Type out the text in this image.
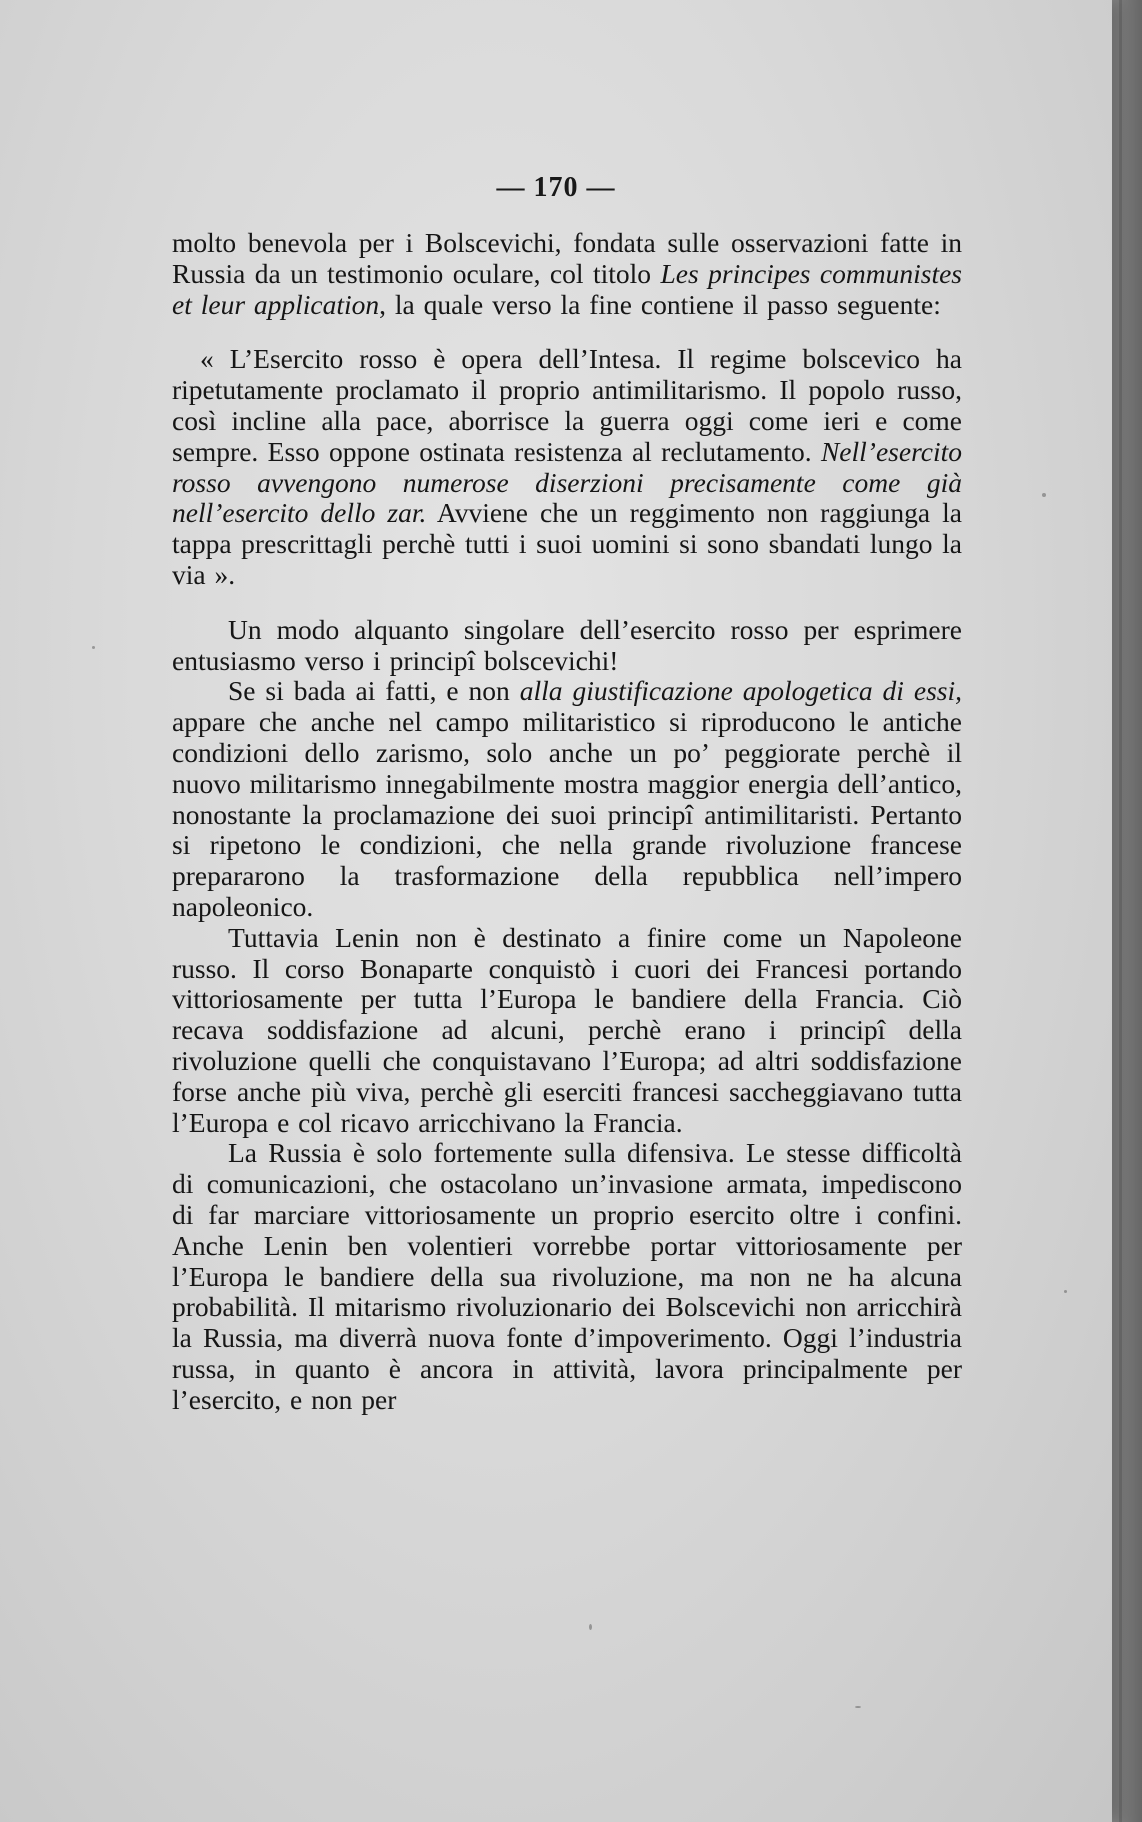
— 170 —

molto benevola per i Bolscevichi, fondata sulle osservazioni fatte in Russia da un testimonio oculare, col titolo Les principes communistes et leur application, la quale verso la fine contiene il passo seguente:

« L’Esercito rosso è opera dell’Intesa. Il regime bolscevico ha ripetutamente proclamato il proprio antimilitarismo. Il popolo russo, così incline alla pace, aborrisce la guerra oggi come ieri e come sempre. Esso oppone ostinata resistenza al reclutamento. Nell’esercito rosso avvengono numerose diserzioni precisamente come già nell’esercito dello zar. Avviene che un reggimento non raggiunga la tappa prescrittagli perchè tutti i suoi uomini si sono sbandati lungo la via ».

Un modo alquanto singolare dell’esercito rosso per esprimere entusiasmo verso i principî bolscevichi!

Se si bada ai fatti, e non alla giustificazione apologetica di essi, appare che anche nel campo militaristico si riproducono le antiche condizioni dello zarismo, solo anche un po’ peggiorate perchè il nuovo militarismo innegabilmente mostra maggior energia dell’antico, nonostante la proclamazione dei suoi principî antimilitaristi. Pertanto si ripetono le condizioni, che nella grande rivoluzione francese prepararono la trasformazione della repubblica nell’impero napoleonico.

Tuttavia Lenin non è destinato a finire come un Napoleone russo. Il corso Bonaparte conquistò i cuori dei Francesi portando vittoriosamente per tutta l’Europa le bandiere della Francia. Ciò recava soddisfazione ad alcuni, perchè erano i principî della rivoluzione quelli che conquistavano l’Europa; ad altri soddisfazione forse anche più viva, perchè gli eserciti francesi saccheggiavano tutta l’Europa e col ricavo arricchivano la Francia.

La Russia è solo fortemente sulla difensiva. Le stesse difficoltà di comunicazioni, che ostacolano un’invasione armata, impediscono di far marciare vittoriosamente un proprio esercito oltre i confini. Anche Lenin ben volentieri vorrebbe portar vittoriosamente per l’Europa le bandiere della sua rivoluzione, ma non ne ha alcuna probabilità. Il mitarismo rivoluzionario dei Bolscevichi non arricchirà la Russia, ma diverrà nuova fonte d’impoverimento. Oggi l’industria russa, in quanto è ancora in attività, lavora principalmente per l’esercito, e non per
